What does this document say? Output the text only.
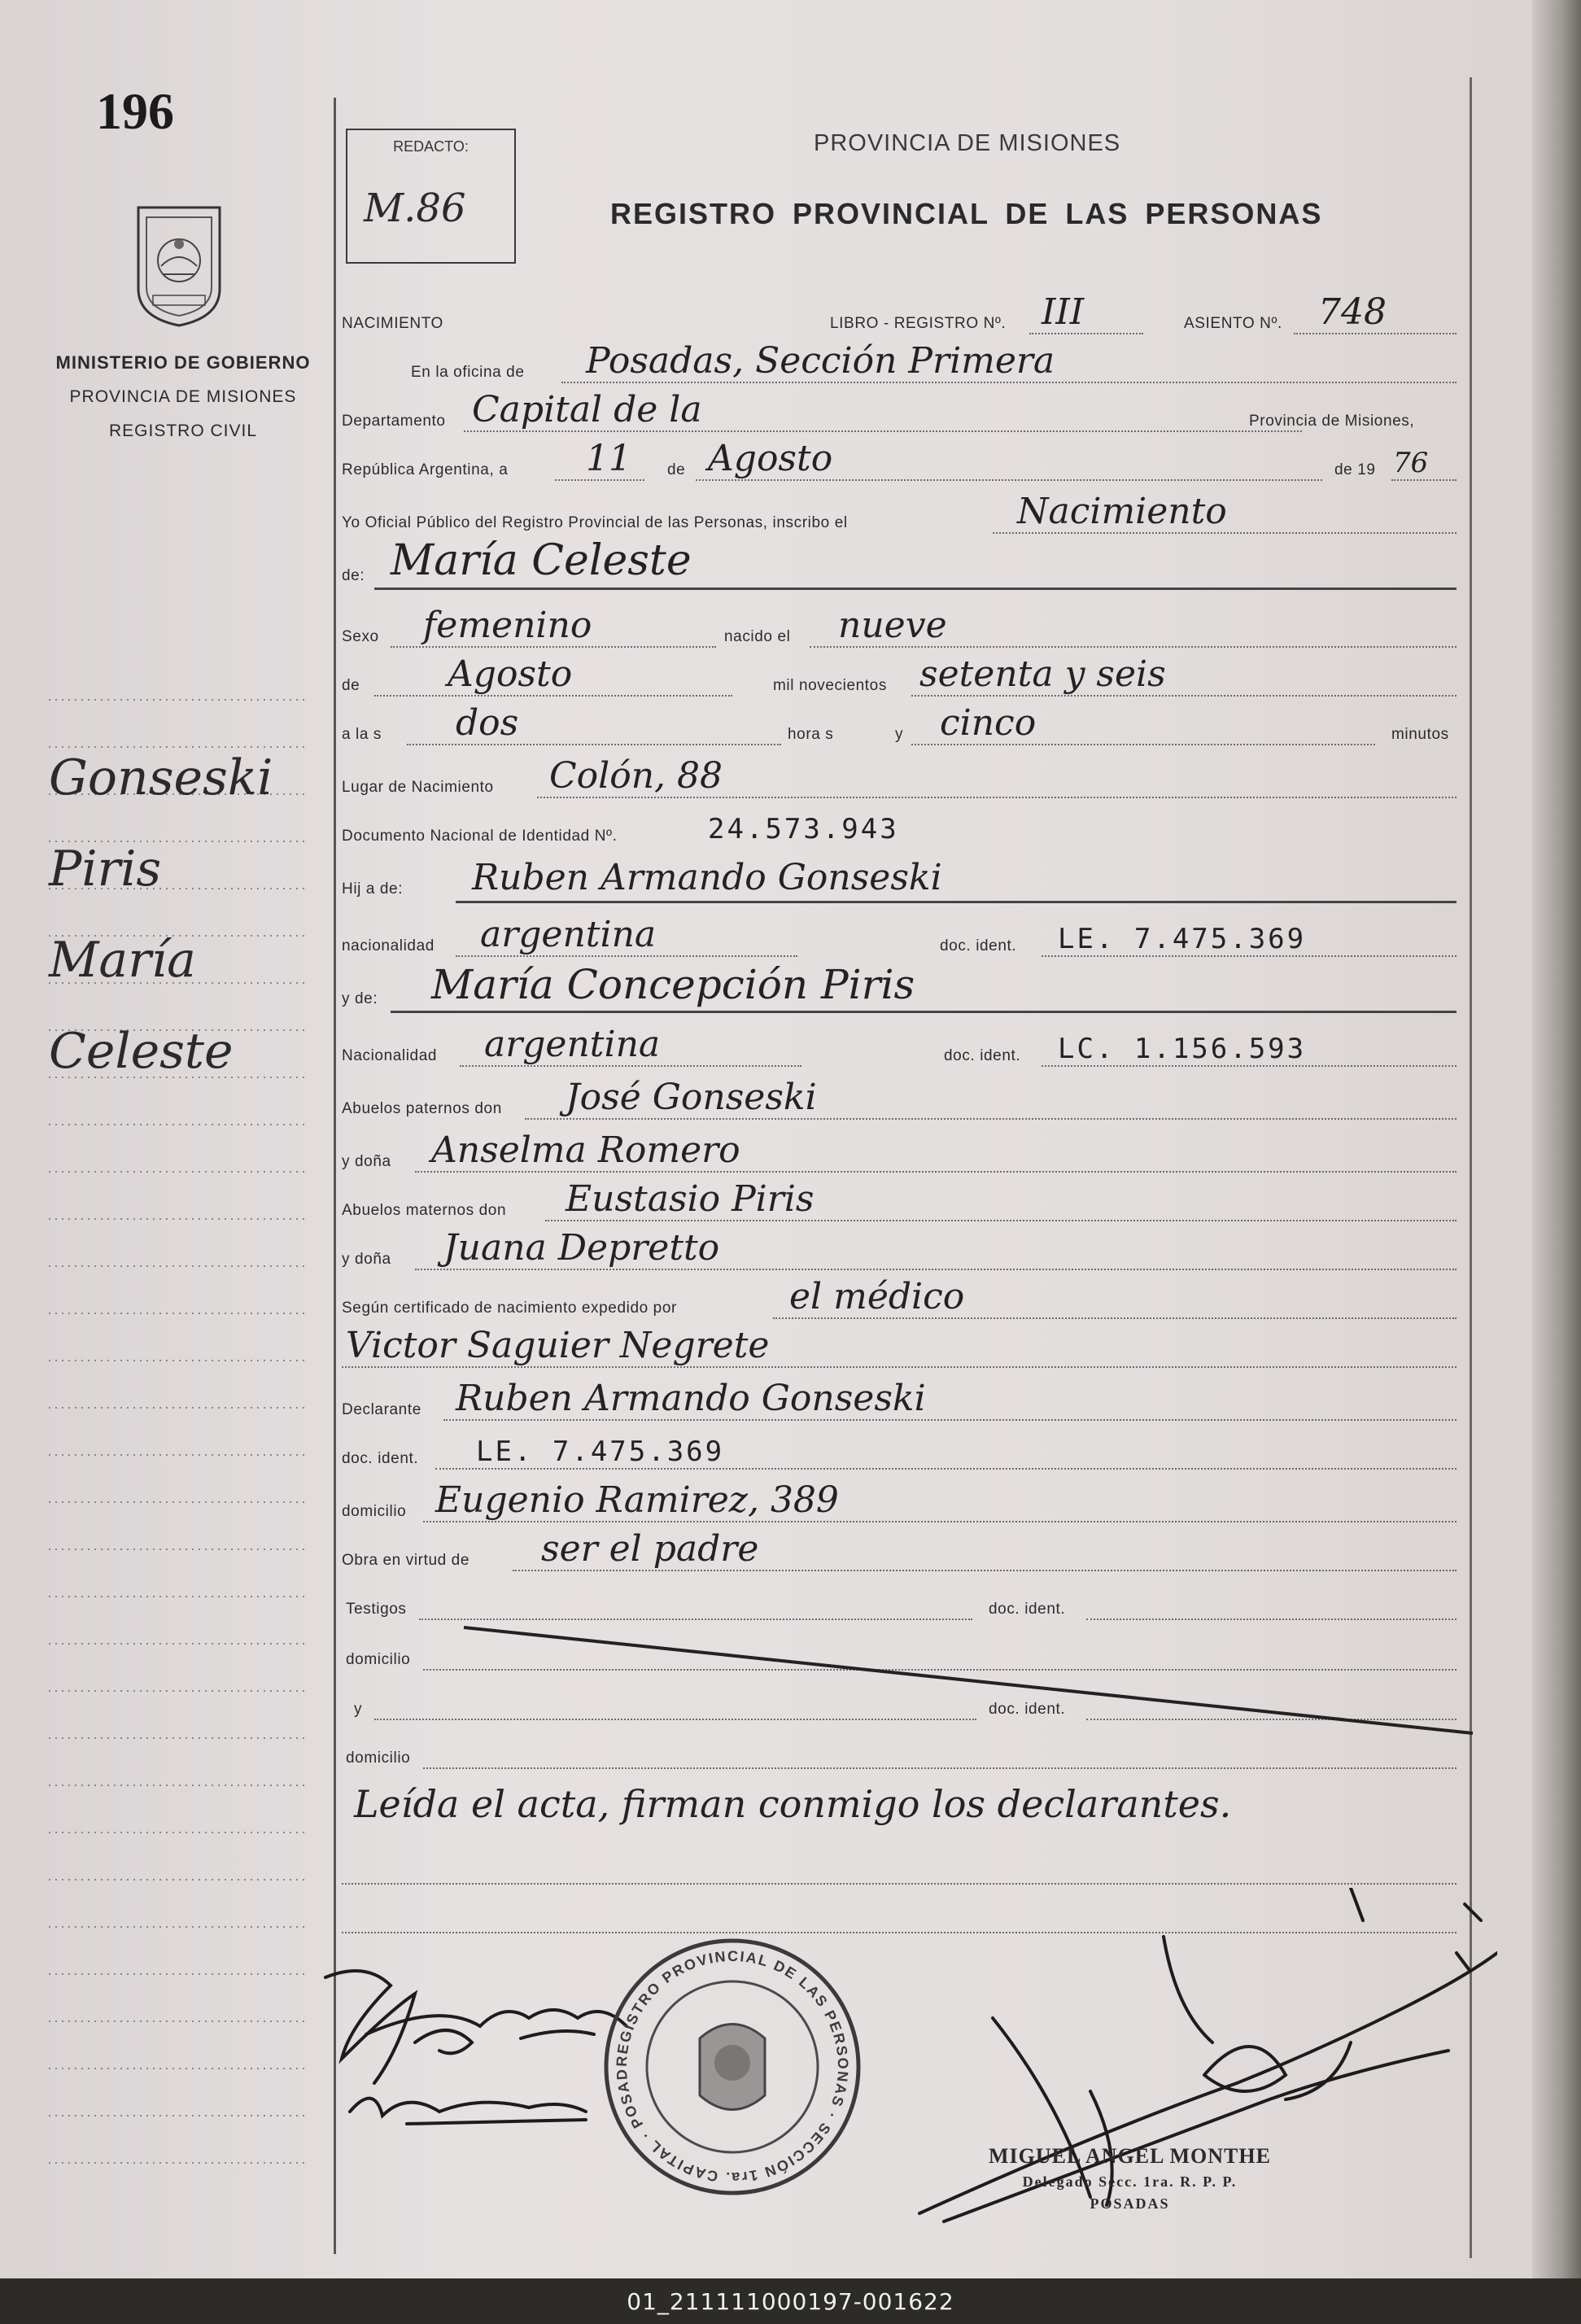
196
MINISTERIO DE GOBIERNO
PROVINCIA DE MISIONES
REGISTRO CIVIL
Gonseski
Piris
María
Celeste
REDACTO:
M.86
PROVINCIA DE MISIONES
REGISTRO PROVINCIAL DE LAS PERSONAS
NACIMIENTO	LIBRO - REGISTRO Nº. III	ASIENTO Nº. 748
En la oficina de Posadas, Sección Primera
Departamento Capital de la	Provincia de Misiones,
República Argentina, a 11 de Agosto	de 19 76
Yo Oficial Público del Registro Provincial de las Personas, inscribo el	Nacimiento
de: María Celeste
Sexo femenino	nacido el nueve
de Agosto	mil novecientos setenta y seis
a la s dos	hora s	y cinco	minutos
Lugar de Nacimiento Colón, 88
Documento Nacional de Identidad Nº.	24.573.943
Hij a de: Ruben Armando Gonseski
nacionalidad argentina	doc. ident. LE. 7.475.369
y de: María Concepción Piris
Nacionalidad argentina	doc. ident. LC. 1.156.593
Abuelos paternos don José Gonseski
y doña Anselma Romero
Abuelos maternos don Eustasio Piris
y doña Juana Depretto
Según certificado de nacimiento expedido por	el médico
Victor Saguier Negrete
Declarante Ruben Armando Gonseski
doc. ident. LE. 7.475.369
domicilio Eugenio Ramirez, 389
Obra en virtud de ser el padre
Testigos	doc. ident.
domicilio
y	doc. ident.
domicilio
Leída el acta, firman conmigo los declarantes.
REGISTRO PROVINCIAL DE LAS PERSONAS · SECCIÓN 1ra. CAPITAL · POSAD
MIGUEL ANGEL MONTHE
Delegado Secc. 1ra. R. P. P.
POSADAS
01_211111000197-001622
